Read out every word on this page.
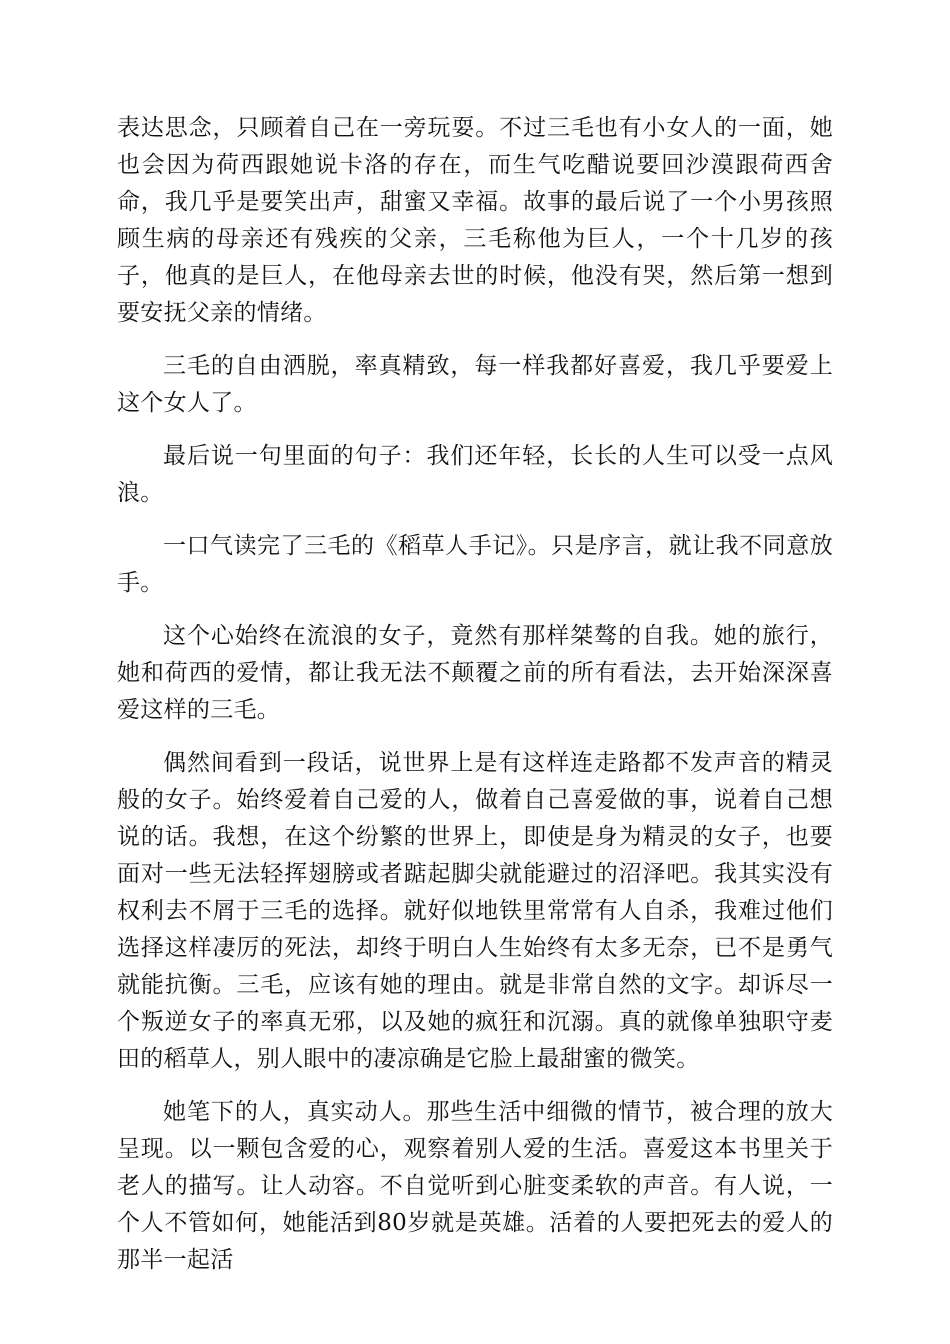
表达思念，只顾着自己在一旁玩耍。不过三毛也有小女人的一面，她也会因为荷西跟她说卡洛的存在，而生气吃醋说要回沙漠跟荷西舍命，我几乎是要笑出声，甜蜜又幸福。故事的最后说了一个小男孩照顾生病的母亲还有残疾的父亲，三毛称他为巨人，一个十几岁的孩子，他真的是巨人，在他母亲去世的时候，他没有哭，然后第一想到要安抚父亲的情绪。

三毛的自由洒脱，率真精致，每一样我都好喜爱，我几乎要爱上这个女人了。

最后说一句里面的句子：我们还年轻，长长的人生可以受一点风浪。

一口气读完了三毛的《稻草人手记》。只是序言，就让我不同意放手。

这个心始终在流浪的女子，竟然有那样桀骜的自我。她的旅行，她和荷西的爱情，都让我无法不颠覆之前的所有看法，去开始深深喜爱这样的三毛。

偶然间看到一段话，说世界上是有这样连走路都不发声音的精灵般的女子。始终爱着自己爱的人，做着自己喜爱做的事，说着自己想说的话。我想，在这个纷繁的世界上，即使是身为精灵的女子，也要面对一些无法轻挥翅膀或者踮起脚尖就能避过的沼泽吧。我其实没有权利去不屑于三毛的选择。就好似地铁里常常有人自杀，我难过他们选择这样凄厉的死法，却终于明白人生始终有太多无奈，已不是勇气就能抗衡。三毛，应该有她的理由。就是非常自然的文字。却诉尽一个叛逆女子的率真无邪，以及她的疯狂和沉溺。真的就像单独职守麦田的稻草人，别人眼中的凄凉确是它脸上最甜蜜的微笑。

她笔下的人，真实动人。那些生活中细微的情节，被合理的放大呈现。以一颗包含爱的心，观察着别人爱的生活。喜爱这本书里关于老人的描写。让人动容。不自觉听到心脏变柔软的声音。有人说，一个人不管如何，她能活到80岁就是英雄。活着的人要把死去的爱人的那半一起活
